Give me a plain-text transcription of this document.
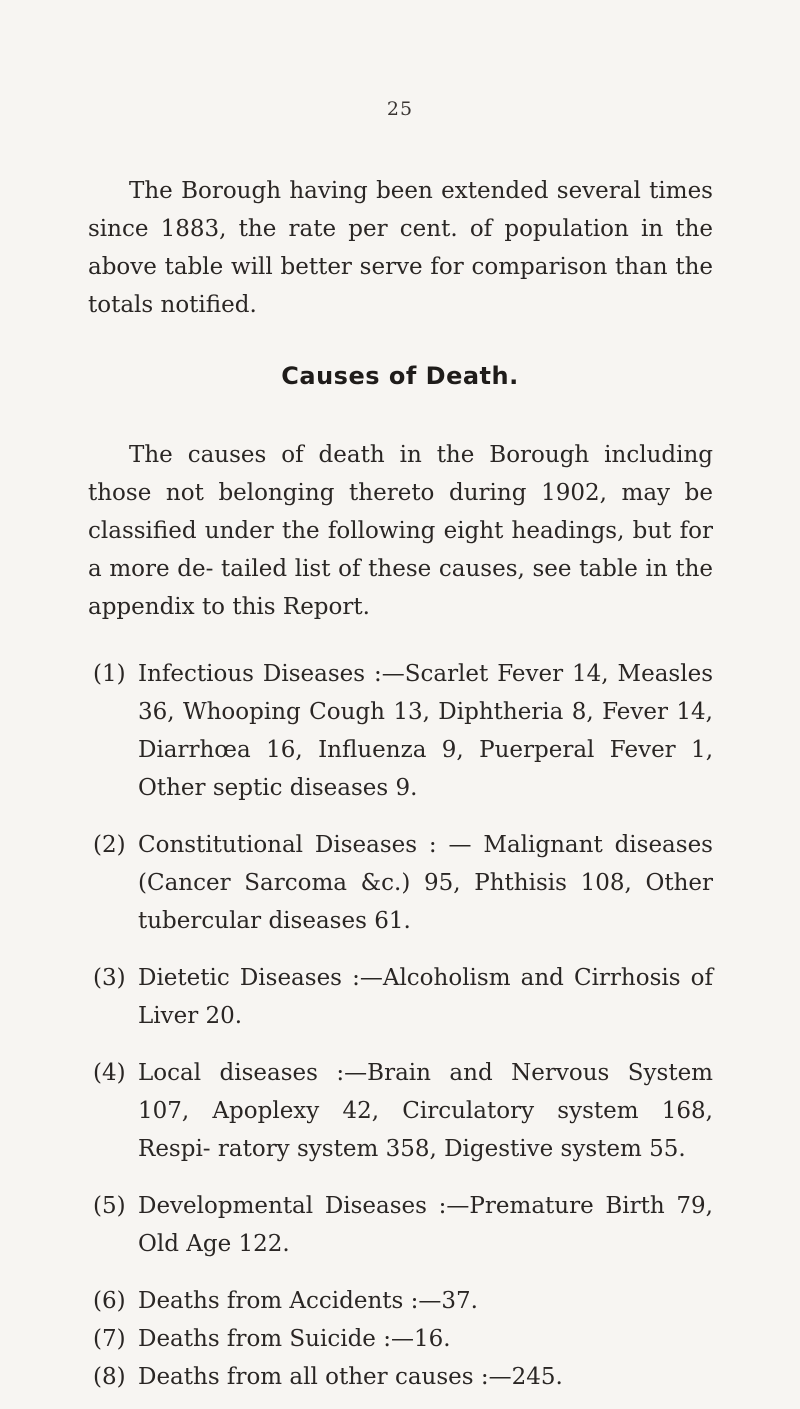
25

The Borough having been extended several times since 1883, the rate per cent. of population in the above table will better serve for comparison than the totals notified.

Causes of Death.

The causes of death in the Borough including those not belonging thereto during 1902, may be classified under the following eight headings, but for a more de- tailed list of these causes, see table in the appendix to this Report.

(1) Infectious Diseases :—Scarlet Fever 14, Measles 36, Whooping Cough 13, Diphtheria 8, Fever 14, Diarrhœa 16, Influenza 9, Puerperal Fever 1, Other septic diseases 9.
(2) Constitutional Diseases : — Malignant diseases (Cancer Sarcoma &c.) 95, Phthisis 108, Other tubercular diseases 61.
(3) Dietetic Diseases :—Alcoholism and Cirrhosis of Liver 20.
(4) Local diseases :—Brain and Nervous System 107, Apoplexy 42, Circulatory system 168, Respi- ratory system 358, Digestive system 55.
(5) Developmental Diseases :—Premature Birth 79, Old Age 122.
(6) Deaths from Accidents :—37.
(7) Deaths from Suicide :—16.
(8) Deaths from all other causes :—245.
